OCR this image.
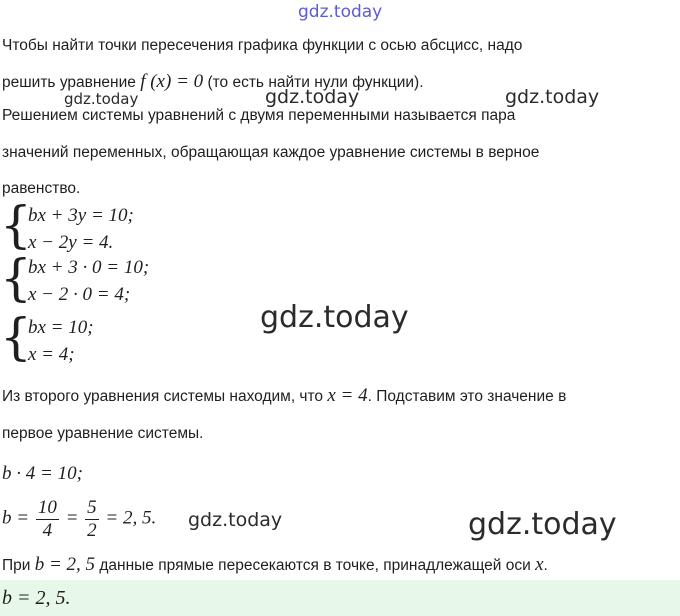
gdz.today
Чтобы найти точки пересечения графика функции с осью абсцисс, надо
решить уравнение f (x) = 0 (то есть найти нули функции).
gdz.today	gdz.today	gdz.today
Решением системы уравнений с двумя переменными называется пара
значений переменных, обращающая каждое уравнение системы в верное
равенство.
{
bx + 3y = 10;
x − 2y = 4.
{
bx + 3 · 0 = 10;
x − 2 · 0 = 4;
{
bx = 10;
x = 4;
gdz.today
Из второго уравнения системы находим, что x = 4. Подставим это значение в
первое уравнение системы.
b · 4 = 10;
$b = \frac{10}{4} = \frac{5}{2} = 2$, 5. gdz.today	gdz.today
При b = 2, 5 данные прямые пересекаются в точке, принадлежащей оси x.
b = 2, 5.
